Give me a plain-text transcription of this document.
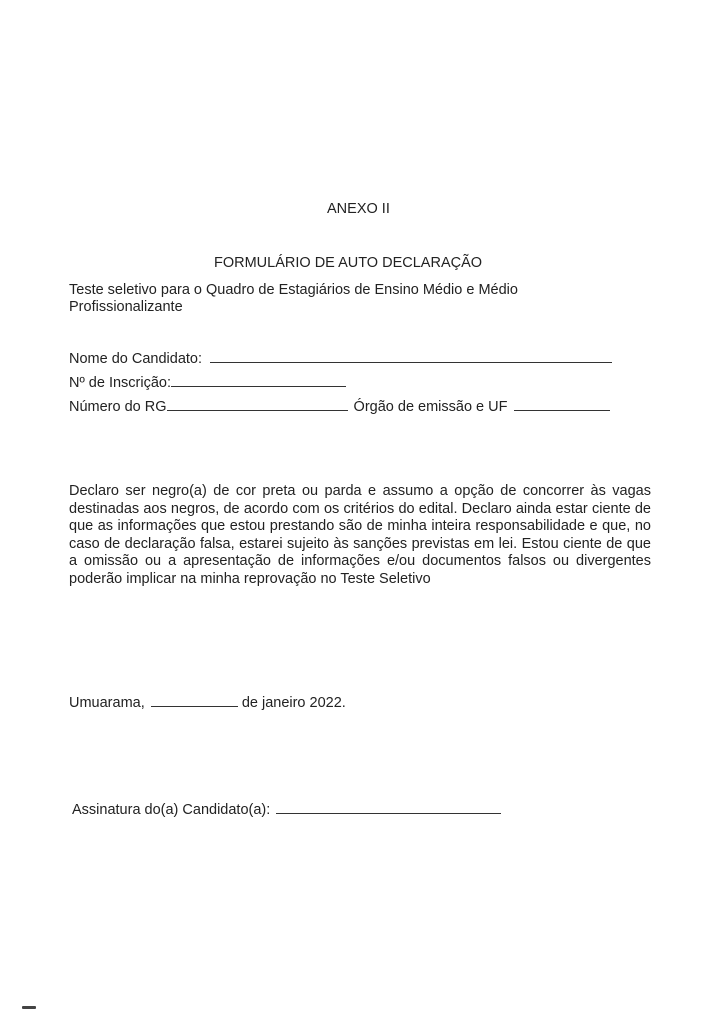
ANEXO II
FORMULÁRIO DE AUTO DECLARAÇÃO
Teste seletivo para o Quadro de Estagiários de Ensino Médio e Médio
Profissionalizante
Nome do Candidato:
Nº de Inscrição:
Número do RG	Órgão de emissão e UF
Declaro ser negro(a) de cor preta ou parda e assumo a opção de concorrer às vagas destinadas aos negros, de acordo com os critérios do edital. Declaro ainda estar ciente de que as informações que estou prestando são de minha inteira responsabilidade e que, no caso de declaração falsa, estarei sujeito às sanções previstas em lei. Estou ciente de que a omissão ou a apresentação de informações e/ou documentos falsos ou divergentes poderão implicar na minha reprovação no Teste Seletivo
Umuarama,	de janeiro 2022.
Assinatura do(a) Candidato(a):
